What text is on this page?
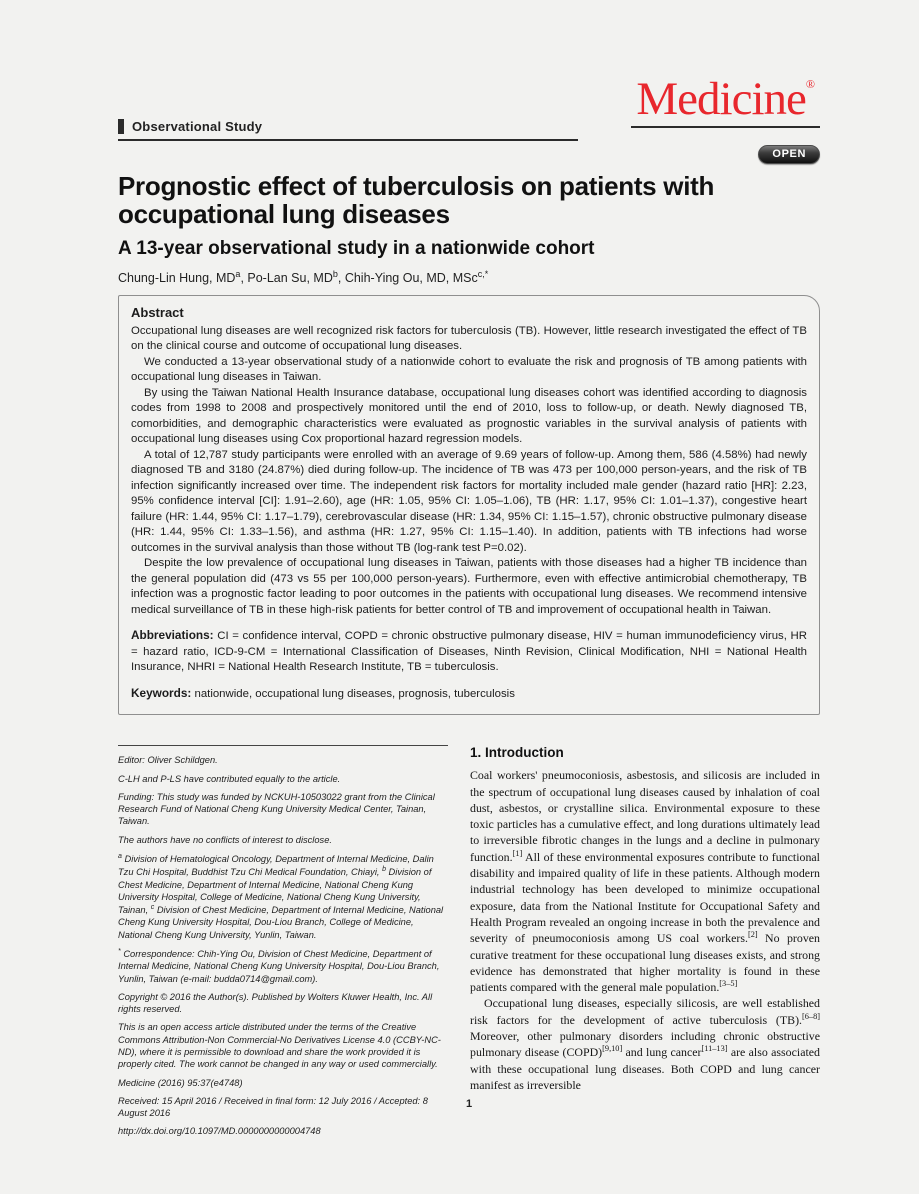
Observational Study
Medicine®
OPEN
Prognostic effect of tuberculosis on patients with occupational lung diseases
A 13-year observational study in a nationwide cohort
Chung-Lin Hung, $MD^a$, Po-Lan Su, $MD^b$, Chih-Ying Ou, MD, MSc$^{c,*}$
Abstract

Occupational lung diseases are well recognized risk factors for tuberculosis (TB). However, little research investigated the effect of TB on the clinical course and outcome of occupational lung diseases.

We conducted a 13-year observational study of a nationwide cohort to evaluate the risk and prognosis of TB among patients with occupational lung diseases in Taiwan.

By using the Taiwan National Health Insurance database, occupational lung diseases cohort was identified according to diagnosis codes from 1998 to 2008 and prospectively monitored until the end of 2010, loss to follow-up, or death. Newly diagnosed TB, comorbidities, and demographic characteristics were evaluated as prognostic variables in the survival analysis of patients with occupational lung diseases using Cox proportional hazard regression models.

A total of 12,787 study participants were enrolled with an average of 9.69 years of follow-up. Among them, 586 (4.58%) had newly diagnosed TB and 3180 (24.87%) died during follow-up. The incidence of TB was 473 per 100,000 person-years, and the risk of TB infection significantly increased over time. The independent risk factors for mortality included male gender (hazard ratio [HR]: 2.23, 95% confidence interval [CI]: 1.91–2.60), age (HR: 1.05, 95% CI: 1.05–1.06), TB (HR: 1.17, 95% CI: 1.01–1.37), congestive heart failure (HR: 1.44, 95% CI: 1.17–1.79), cerebrovascular disease (HR: 1.34, 95% CI: 1.15–1.57), chronic obstructive pulmonary disease (HR: 1.44, 95% CI: 1.33–1.56), and asthma (HR: 1.27, 95% CI: 1.15–1.40). In addition, patients with TB infections had worse outcomes in the survival analysis than those without TB (log-rank test P=0.02).

Despite the low prevalence of occupational lung diseases in Taiwan, patients with those diseases had a higher TB incidence than the general population did (473 vs 55 per 100,000 person-years). Furthermore, even with effective antimicrobial chemotherapy, TB infection was a prognostic factor leading to poor outcomes in the patients with occupational lung diseases. We recommend intensive medical surveillance of TB in these high-risk patients for better control of TB and improvement of occupational health in Taiwan.

Abbreviations: CI = confidence interval, COPD = chronic obstructive pulmonary disease, HIV = human immunodeficiency virus, HR = hazard ratio, ICD-9-CM = International Classification of Diseases, Ninth Revision, Clinical Modification, NHI = National Health Insurance, NHRI = National Health Research Institute, TB = tuberculosis.

Keywords: nationwide, occupational lung diseases, prognosis, tuberculosis

Editor: Oliver Schildgen.

C-LH and P-LS have contributed equally to the article.

Funding: This study was funded by NCKUH-10503022 grant from the Clinical Research Fund of National Cheng Kung University Medical Center, Tainan, Taiwan.

The authors have no conflicts of interest to disclose.

$^a$ Division of Hematological Oncology, Department of Internal Medicine, Dalin Tzu Chi Hospital, Buddhist Tzu Chi Medical Foundation, Chiayi, $^b$ Division of Chest Medicine, Department of Internal Medicine, National Cheng Kung University Hospital, College of Medicine, National Cheng Kung University, Tainan, $^c$ Division of Chest Medicine, Department of Internal Medicine, National Cheng Kung University Hospital, Dou-Liou Branch, College of Medicine, National Cheng Kung University, Yunlin, Taiwan.

* Correspondence: Chih-Ying Ou, Division of Chest Medicine, Department of Internal Medicine, National Cheng Kung University Hospital, Dou-Liou Branch, Yunlin, Taiwan (e-mail: budda0714@gmail.com).

Copyright © 2016 the Author(s). Published by Wolters Kluwer Health, Inc. All rights reserved.

This is an open access article distributed under the terms of the Creative Commons Attribution-Non Commercial-No Derivatives License 4.0 (CCBY-NC-ND), where it is permissible to download and share the work provided it is properly cited. The work cannot be changed in any way or used commercially.

Medicine (2016) 95:37(e4748)

Received: 15 April 2016 / Received in final form: 12 July 2016 / Accepted: 8 August 2016

http://dx.doi.org/10.1097/MD.0000000000004748

1. Introduction

Coal workers' pneumoconiosis, asbestosis, and silicosis are included in the spectrum of occupational lung diseases caused by inhalation of coal dust, asbestos, or crystalline silica. Environmental exposure to these toxic particles has a cumulative effect, and long durations ultimately lead to irreversible fibrotic changes in the lungs and a decline in pulmonary function.[1] All of these environmental exposures contribute to functional disability and impaired quality of life in these patients. Although modern industrial technology has been developed to minimize occupational exposure, data from the National Institute for Occupational Safety and Health Program revealed an ongoing increase in both the prevalence and severity of pneumoconiosis among US coal workers.[2] No proven curative treatment for these occupational lung diseases exists, and strong evidence has demonstrated that higher mortality is found in these patients compared with the general male population.[3–5]

Occupational lung diseases, especially silicosis, are well established risk factors for the development of active tuberculosis (TB).[6–8] Moreover, other pulmonary disorders including chronic obstructive pulmonary disease (COPD)[9,10] and lung cancer[11–13] are also associated with these occupational lung diseases. Both COPD and lung cancer manifest as irreversible

1
